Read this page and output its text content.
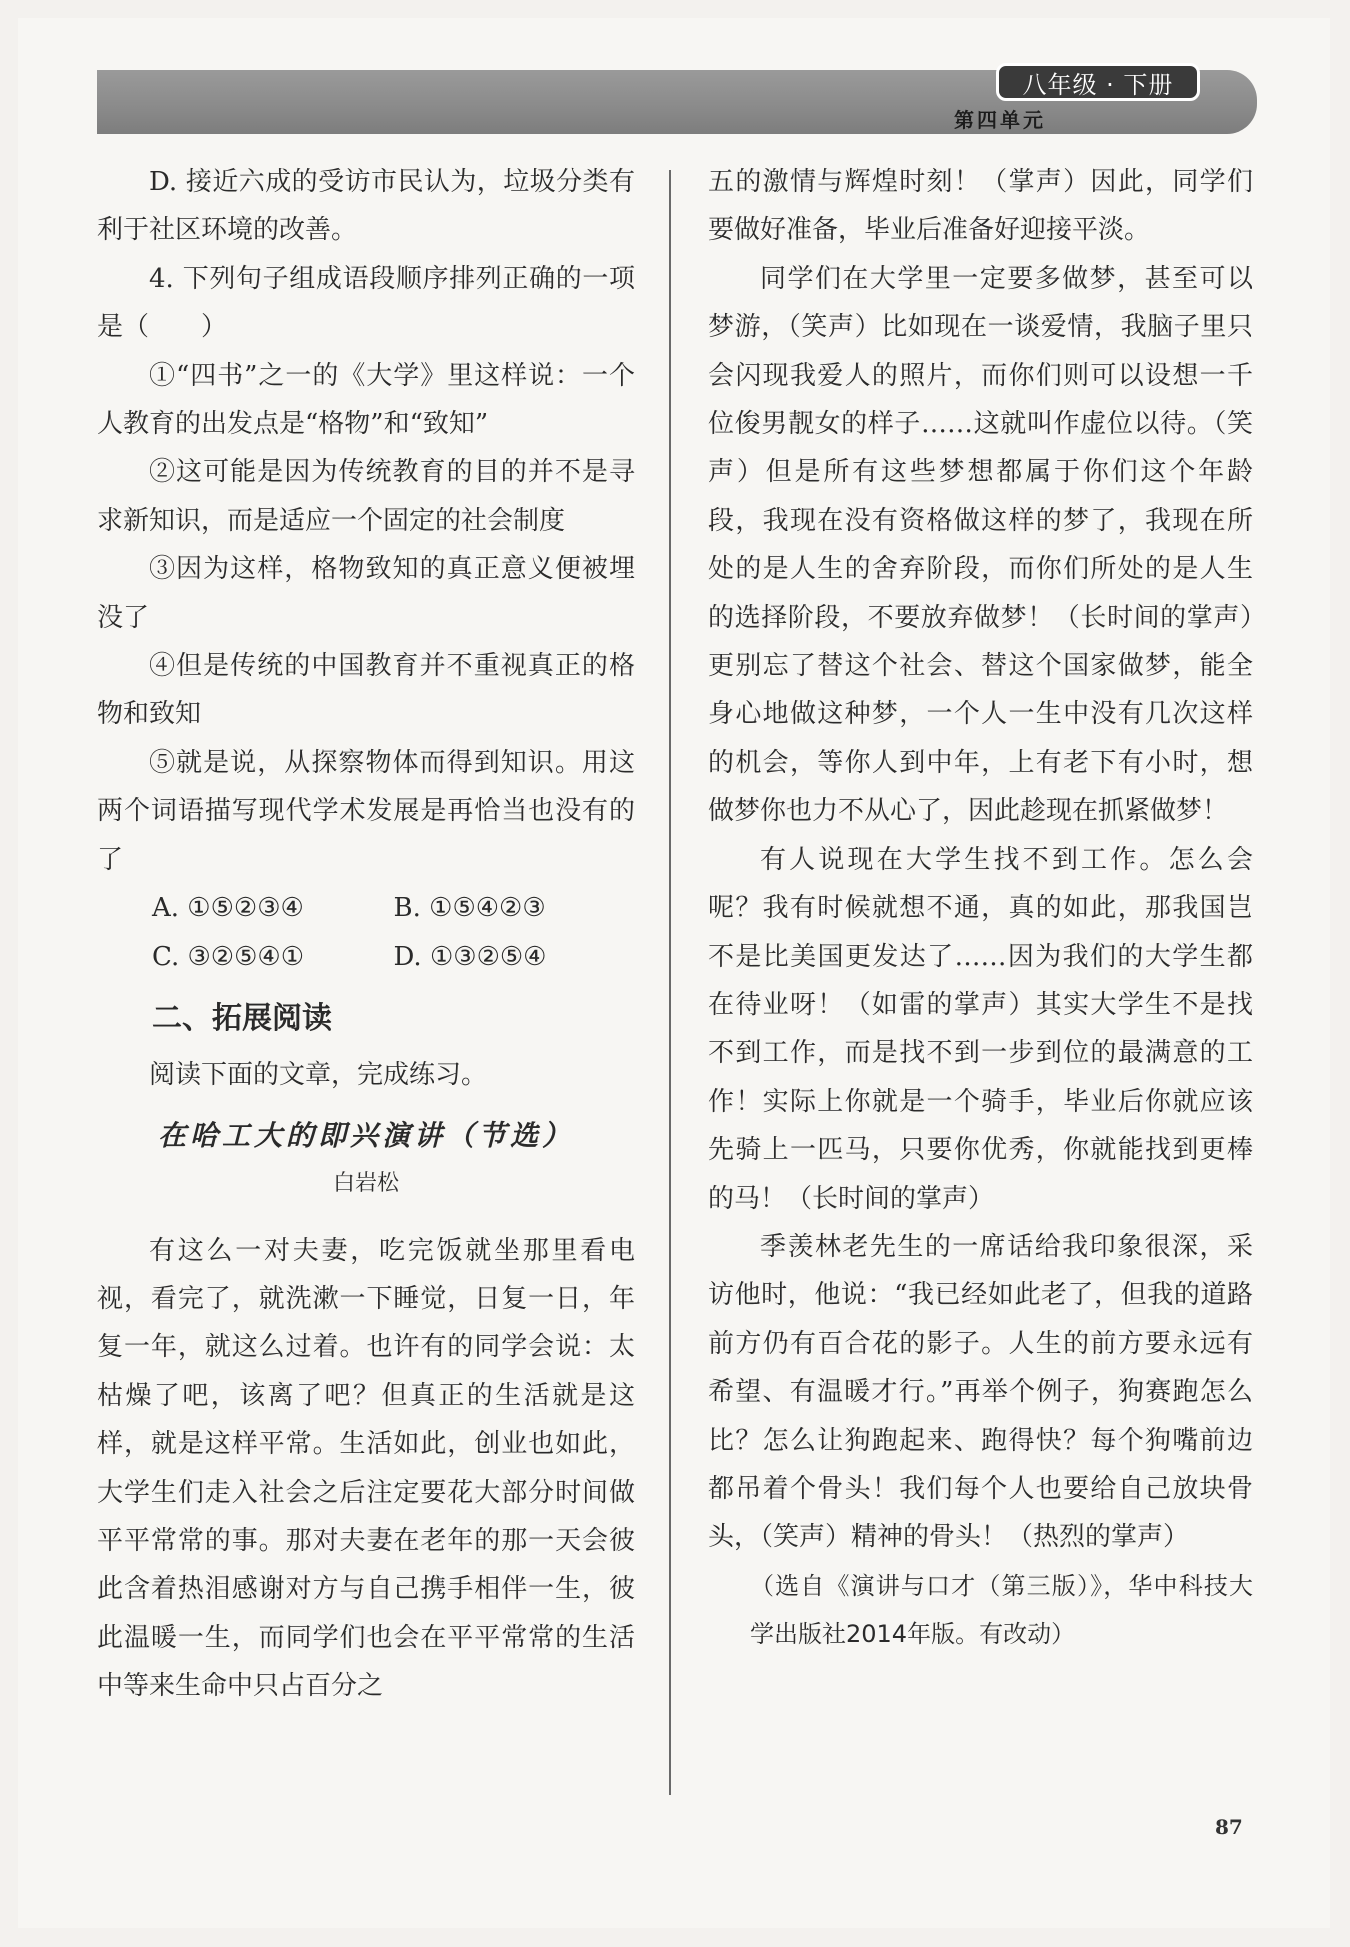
八年级 · 下册
第四单元

D. 接近六成的受访市民认为，垃圾分类有利于社区环境的改善。

4. 下列句子组成语段顺序排列正确的一项是（　　）

①“四书”之一的《大学》里这样说：一个人教育的出发点是“格物”和“致知”

②这可能是因为传统教育的目的并不是寻求新知识，而是适应一个固定的社会制度

③因为这样，格物致知的真正意义便被埋没了

④但是传统的中国教育并不重视真正的格物和致知

⑤就是说，从探察物体而得到知识。用这两个词语描写现代学术发展是再恰当也没有的了

A. ①⑤②③④	B. ①⑤④②③
C. ③②⑤④①	D. ①③②⑤④

二、拓展阅读

阅读下面的文章，完成练习。

在哈工大的即兴演讲（节选）

白岩松

有这么一对夫妻，吃完饭就坐那里看电视，看完了，就洗漱一下睡觉，日复一日，年复一年，就这么过着。也许有的同学会说：太枯燥了吧，该离了吧？但真正的生活就是这样，就是这样平常。生活如此，创业也如此，大学生们走入社会之后注定要花大部分时间做平平常常的事。那对夫妻在老年的那一天会彼此含着热泪感谢对方与自己携手相伴一生，彼此温暖一生，而同学们也会在平平常常的生活中等来生命中只占百分之

五的激情与辉煌时刻！（掌声）因此，同学们要做好准备，毕业后准备好迎接平淡。

同学们在大学里一定要多做梦，甚至可以梦游，（笑声）比如现在一谈爱情，我脑子里只会闪现我爱人的照片，而你们则可以设想一千位俊男靓女的样子……这就叫作虚位以待。（笑声）但是所有这些梦想都属于你们这个年龄段，我现在没有资格做这样的梦了，我现在所处的是人生的舍弃阶段，而你们所处的是人生的选择阶段，不要放弃做梦！（长时间的掌声）更别忘了替这个社会、替这个国家做梦，能全身心地做这种梦，一个人一生中没有几次这样的机会，等你人到中年，上有老下有小时，想做梦你也力不从心了，因此趁现在抓紧做梦！

有人说现在大学生找不到工作。怎么会呢？我有时候就想不通，真的如此，那我国岂不是比美国更发达了……因为我们的大学生都在待业呀！（如雷的掌声）其实大学生不是找不到工作，而是找不到一步到位的最满意的工作！实际上你就是一个骑手，毕业后你就应该先骑上一匹马，只要你优秀，你就能找到更棒的马！（长时间的掌声）

季羡林老先生的一席话给我印象很深，采访他时，他说：“我已经如此老了，但我的道路前方仍有百合花的影子。人生的前方要永远有希望、有温暖才行。”再举个例子，狗赛跑怎么比？怎么让狗跑起来、跑得快？每个狗嘴前边都吊着个骨头！我们每个人也要给自己放块骨头，（笑声）精神的骨头！（热烈的掌声）

（选自《演讲与口才（第三版）》，华中科技大学出版社2014年版。有改动）

87
